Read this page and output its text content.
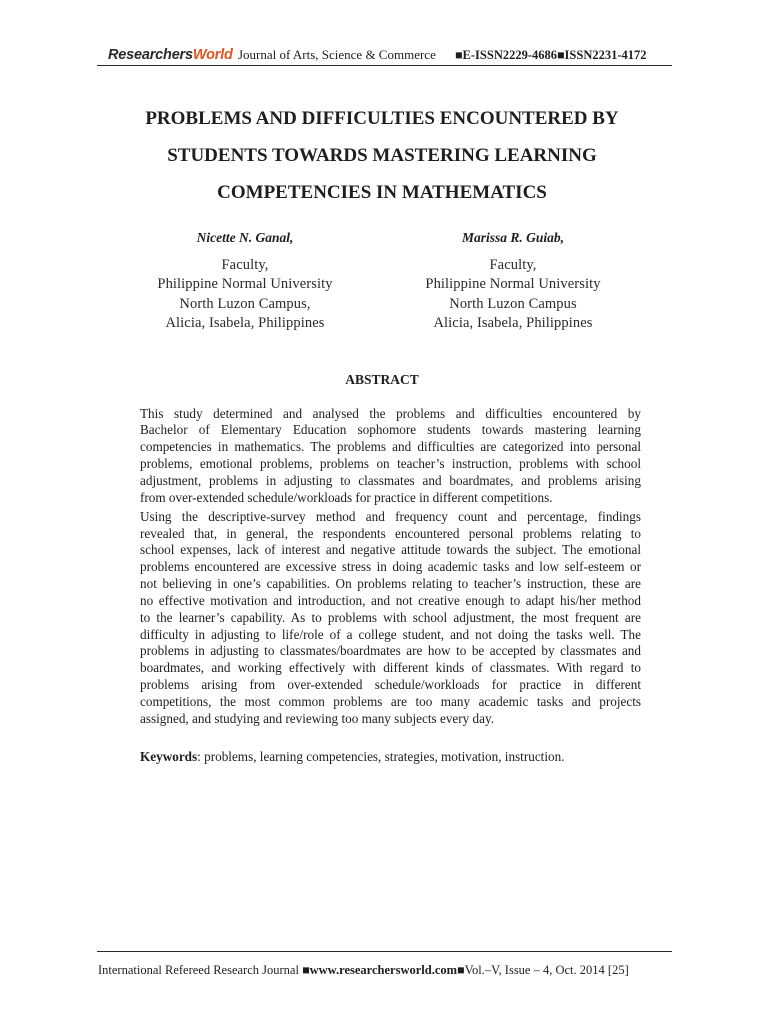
ResearchersWorld Journal of Arts, Science & Commerce ■E-ISSN2229-4686■ISSN2231-4172
PROBLEMS AND DIFFICULTIES ENCOUNTERED BY
STUDENTS TOWARDS MASTERING LEARNING
COMPETENCIES IN MATHEMATICS
Nicette N. Ganal,
Faculty,
Philippine Normal University
North Luzon Campus,
Alicia, Isabela, Philippines
Marissa R. Guiab,
Faculty,
Philippine Normal University
North Luzon Campus
Alicia, Isabela, Philippines
ABSTRACT
This study determined and analysed the problems and difficulties encountered by
Bachelor of Elementary Education sophomore students towards mastering learning
competencies in mathematics. The problems and difficulties are categorized into personal
problems, emotional problems, problems on teacher’s instruction, problems with school
adjustment, problems in adjusting to classmates and boardmates, and problems arising
from over-extended schedule/workloads for practice in different competitions.
Using the descriptive-survey method and frequency count and percentage, findings
revealed that, in general, the respondents encountered personal problems relating to
school expenses, lack of interest and negative attitude towards the subject. The emotional
problems encountered are excessive stress in doing academic tasks and low self-esteem or
not believing in one’s capabilities. On problems relating to teacher’s instruction, these are
no effective motivation and introduction, and not creative enough to adapt his/her method
to the learner’s capability. As to problems with school adjustment, the most frequent are
difficulty in adjusting to life/role of a college student, and not doing the tasks well. The
problems in adjusting to classmates/boardmates are how to be accepted by classmates and
boardmates, and working effectively with different kinds of classmates. With regard to
problems arising from over-extended schedule/workloads for practice in different
competitions, the most common problems are too many academic tasks and projects
assigned, and studying and reviewing too many subjects every day.
Keywords: problems, learning competencies, strategies, motivation, instruction.
International Refereed Research Journal ■www.researchersworld.com■Vol.–V, Issue – 4, Oct. 2014 [25]
